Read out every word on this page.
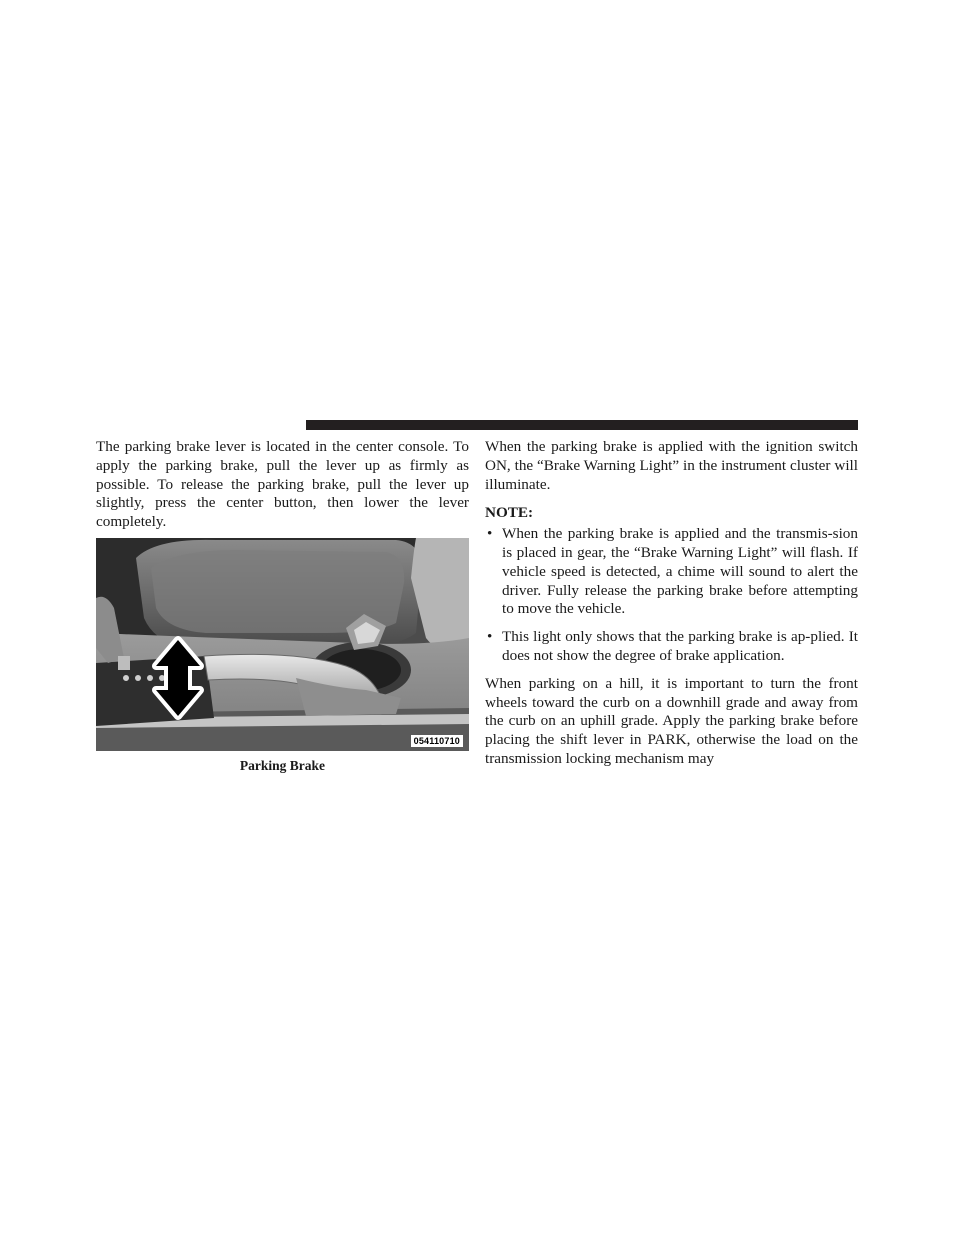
The parking brake lever is located in the center console. To apply the parking brake, pull the lever up as firmly as possible. To release the parking brake, pull the lever up slightly, press the center button, then lower the lever completely.

054110710
Parking Brake

When the parking brake is applied with the ignition switch ON, the “Brake Warning Light” in the instrument cluster will illuminate.

NOTE:
• When the parking brake is applied and the transmis-sion is placed in gear, the “Brake Warning Light” will flash. If vehicle speed is detected, a chime will sound to alert the driver. Fully release the parking brake before attempting to move the vehicle.
• This light only shows that the parking brake is ap-plied. It does not show the degree of brake application.

When parking on a hill, it is important to turn the front wheels toward the curb on a downhill grade and away from the curb on an uphill grade. Apply the parking brake before placing the shift lever in PARK, otherwise the load on the transmission locking mechanism may
